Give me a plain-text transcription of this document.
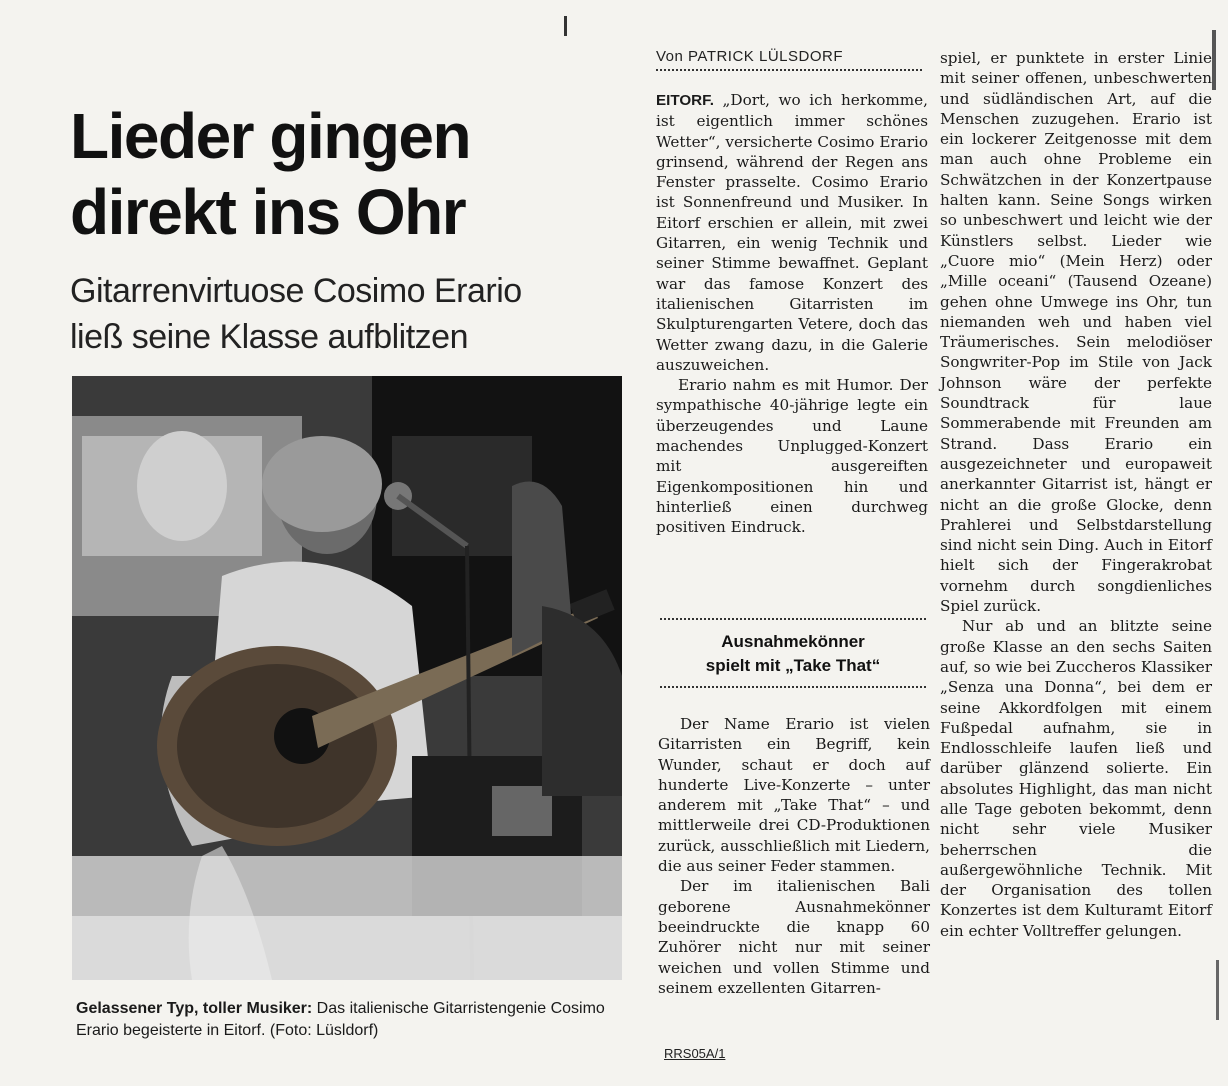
Lieder gingen
direkt ins Ohr
Gitarrenvirtuose Cosimo Erario
ließ seine Klasse aufblitzen
Gelassener Typ, toller Musiker: Das italienische Gitarristengenie Cosimo Erario begeisterte in Eitorf. (Foto: Lüsldorf)
Von PATRICK LÜLSDORF

EITORF. „Dort, wo ich herkomme, ist eigentlich immer schönes Wetter“, versicherte Cosimo Erario grinsend, während der Regen ans Fenster prasselte. Cosimo Erario ist Sonnenfreund und Musiker. In Eitorf erschien er allein, mit zwei Gitarren, ein wenig Technik und seiner Stimme bewaffnet. Geplant war das famose Konzert des italienischen Gitarristen im Skulpturengarten Vetere, doch das Wetter zwang dazu, in die Galerie auszuweichen.

Erario nahm es mit Humor. Der sympathische 40-jährige legte ein überzeugendes und Laune machendes Unplugged-Konzert mit ausgereiften Eigenkompositionen hin und hinterließ einen durchweg positiven Eindruck.

Ausnahmekönner
spielt mit „Take That“

Der Name Erario ist vielen Gitarristen ein Begriff, kein Wunder, schaut er doch auf hunderte Live-Konzerte – unter anderem mit „Take That“ – und mittlerweile drei CD-Produktionen zurück, ausschließlich mit Liedern, die aus seiner Feder stammen.

Der im italienischen Bali geborene Ausnahmekönner beeindruckte die knapp 60 Zuhörer nicht nur mit seiner weichen und vollen Stimme und seinem exzellenten Gitarren-

spiel, er punktete in erster Linie mit seiner offenen, unbeschwerten und südländischen Art, auf die Menschen zuzugehen. Erario ist ein lockerer Zeitgenosse mit dem man auch ohne Probleme ein Schwätzchen in der Konzertpause halten kann. Seine Songs wirken so unbeschwert und leicht wie der Künstlers selbst. Lieder wie „Cuore mio“ (Mein Herz) oder „Mille oceani“ (Tausend Ozeane) gehen ohne Umwege ins Ohr, tun niemanden weh und haben viel Träumerisches. Sein melodiöser Songwriter-Pop im Stile von Jack Johnson wäre der perfekte Soundtrack für laue Sommerabende mit Freunden am Strand. Dass Erario ein ausgezeichneter und europaweit anerkannter Gitarrist ist, hängt er nicht an die große Glocke, denn Prahlerei und Selbstdarstellung sind nicht sein Ding. Auch in Eitorf hielt sich der Fingerakrobat vornehm durch songdienliches Spiel zurück.

Nur ab und an blitzte seine große Klasse an den sechs Saiten auf, so wie bei Zuccheros Klassiker „Senza una Donna“, bei dem er seine Akkordfolgen mit einem Fußpedal aufnahm, sie in Endlosschleife laufen ließ und darüber glänzend solierte. Ein absolutes Highlight, das man nicht alle Tage geboten bekommt, denn nicht sehr viele Musiker beherrschen die außergewöhnliche Technik. Mit der Organisation des tollen Konzertes ist dem Kulturamt Eitorf ein echter Volltreffer gelungen.

RRS05A/1
